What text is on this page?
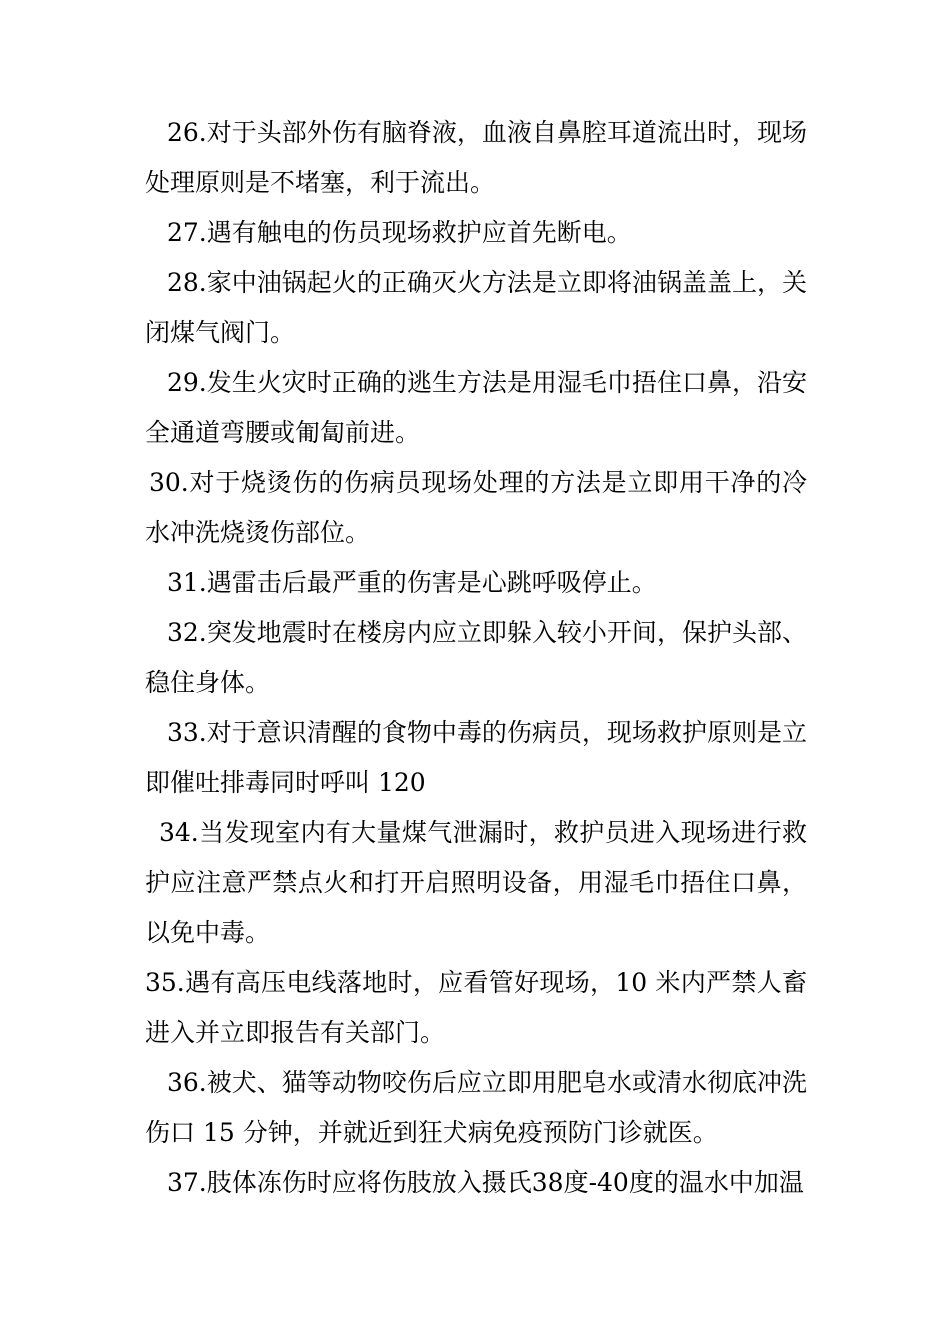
26.对于头部外伤有脑脊液，血液自鼻腔耳道流出时，现场处理原则是不堵塞，利于流出。

27.遇有触电的伤员现场救护应首先断电。

28.家中油锅起火的正确灭火方法是立即将油锅盖盖上，关闭煤气阀门。

29.发生火灾时正确的逃生方法是用湿毛巾捂住口鼻，沿安全通道弯腰或匍匐前进。

30.对于烧烫伤的伤病员现场处理的方法是立即用干净的冷水冲洗烧烫伤部位。

31.遇雷击后最严重的伤害是心跳呼吸停止。

32.突发地震时在楼房内应立即躲入较小开间，保护头部、稳住身体。

33.对于意识清醒的食物中毒的伤病员，现场救护原则是立即催吐排毒同时呼叫 120

34.当发现室内有大量煤气泄漏时，救护员进入现场进行救护应注意严禁点火和打开启照明设备，用湿毛巾捂住口鼻，以免中毒。

35.遇有高压电线落地时，应看管好现场，10 米内严禁人畜进入并立即报告有关部门。

36.被犬、猫等动物咬伤后应立即用肥皂水或清水彻底冲洗伤口 15 分钟，并就近到狂犬病免疫预防门诊就医。

37.肢体冻伤时应将伤肢放入摄氏38度-40度的温水中加温
